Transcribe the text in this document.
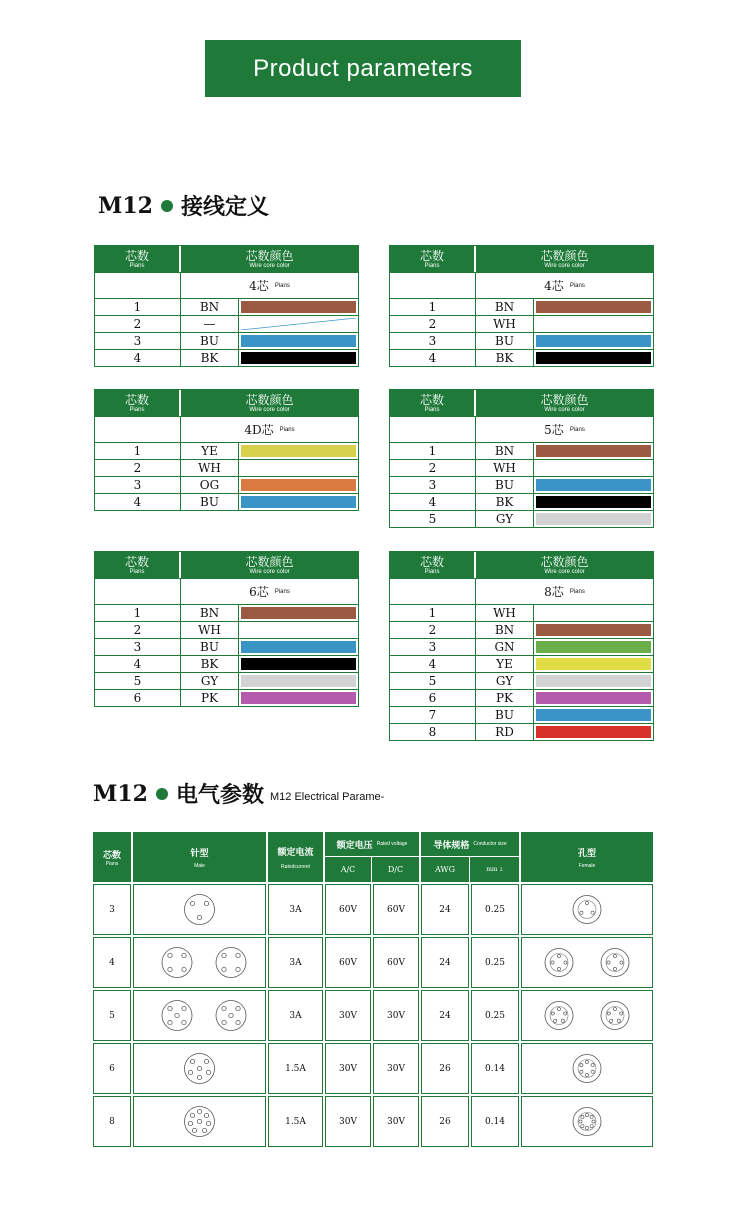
Product parameters
M12 接线定义
芯数
Pians
芯数颜色
Wire core color
4芯 Pians
1	BN
2	—
3	BU
4	BK
芯数
Pians
芯数颜色
Wire core color
4芯 Pians
1	BN
2	WH
3	BU
4	BK
芯数
Pians
芯数颜色
Wire core color
4D芯 Pians
1	YE
2	WH
3	OG
4	BU
芯数
Pians
芯数颜色
Wire core color
5芯 Pians
1	BN
2	WH
3	BU
4	BK
5	GY
芯数
Pians
芯数颜色
Wire core color
6芯 Pians
1	BN
2	WH
3	BU
4	BK
5	GY
6	PK
芯数
Pians
芯数颜色
Wire core color
8芯 Pians
1	WH
2	BN
3	GN
4	YE
5	GY
6	PK
7	BU
8	RD
M12 电气参数 M12 Electrical Parame-
芯数
Pians
针型
Male
额定电流
Ratedcurrent
额定电压 Rated voltage
A/C	D/C
导体规格 Conductor size
AWG	mm 2
孔型
Female
3	3A	60V	60V	24	0.25
4	3A	60V	60V	24	0.25
5	3A	30V	30V	24	0.25
6	1.5A	30V	30V	26	0.14
8	1.5A	30V	30V	26	0.14
